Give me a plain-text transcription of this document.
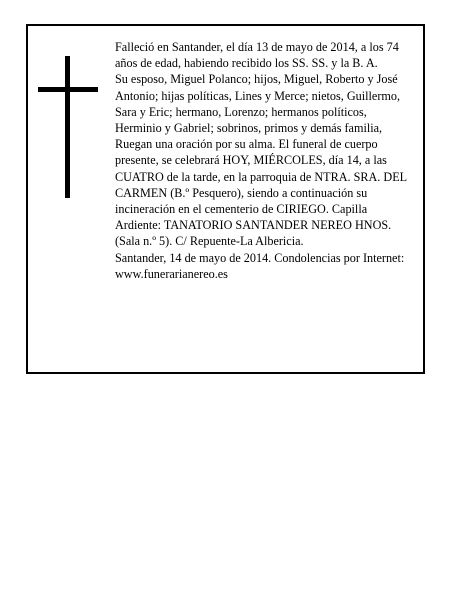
Falleció en Santander, el día 13 de mayo de 2014, a los 74 años de edad, habiendo recibido los SS. SS. y la B. A.

Su esposo, Miguel Polanco; hijos, Miguel, Roberto y José Antonio; hijas políticas, Lines y Merce; nietos, Guillermo, Sara y Eric; hermano, Lorenzo; hermanos políticos, Herminio y Gabriel; sobrinos, primos y demás familia,

Ruegan una oración por su alma. El funeral de cuerpo presente, se celebrará HOY, MIÉRCOLES, día 14, a las CUATRO de la tarde, en la parroquia de NTRA. SRA. DEL CARMEN (B.º Pesquero), siendo a continuación su incineración en el cementerio de CIRIEGO. Capilla Ardiente: TANATORIO SANTANDER NEREO HNOS. (Sala n.º 5). C/ Repuente-La Albericia.

Santander, 14 de mayo de 2014. Condolencias por Internet: www.funerarianereo.es
